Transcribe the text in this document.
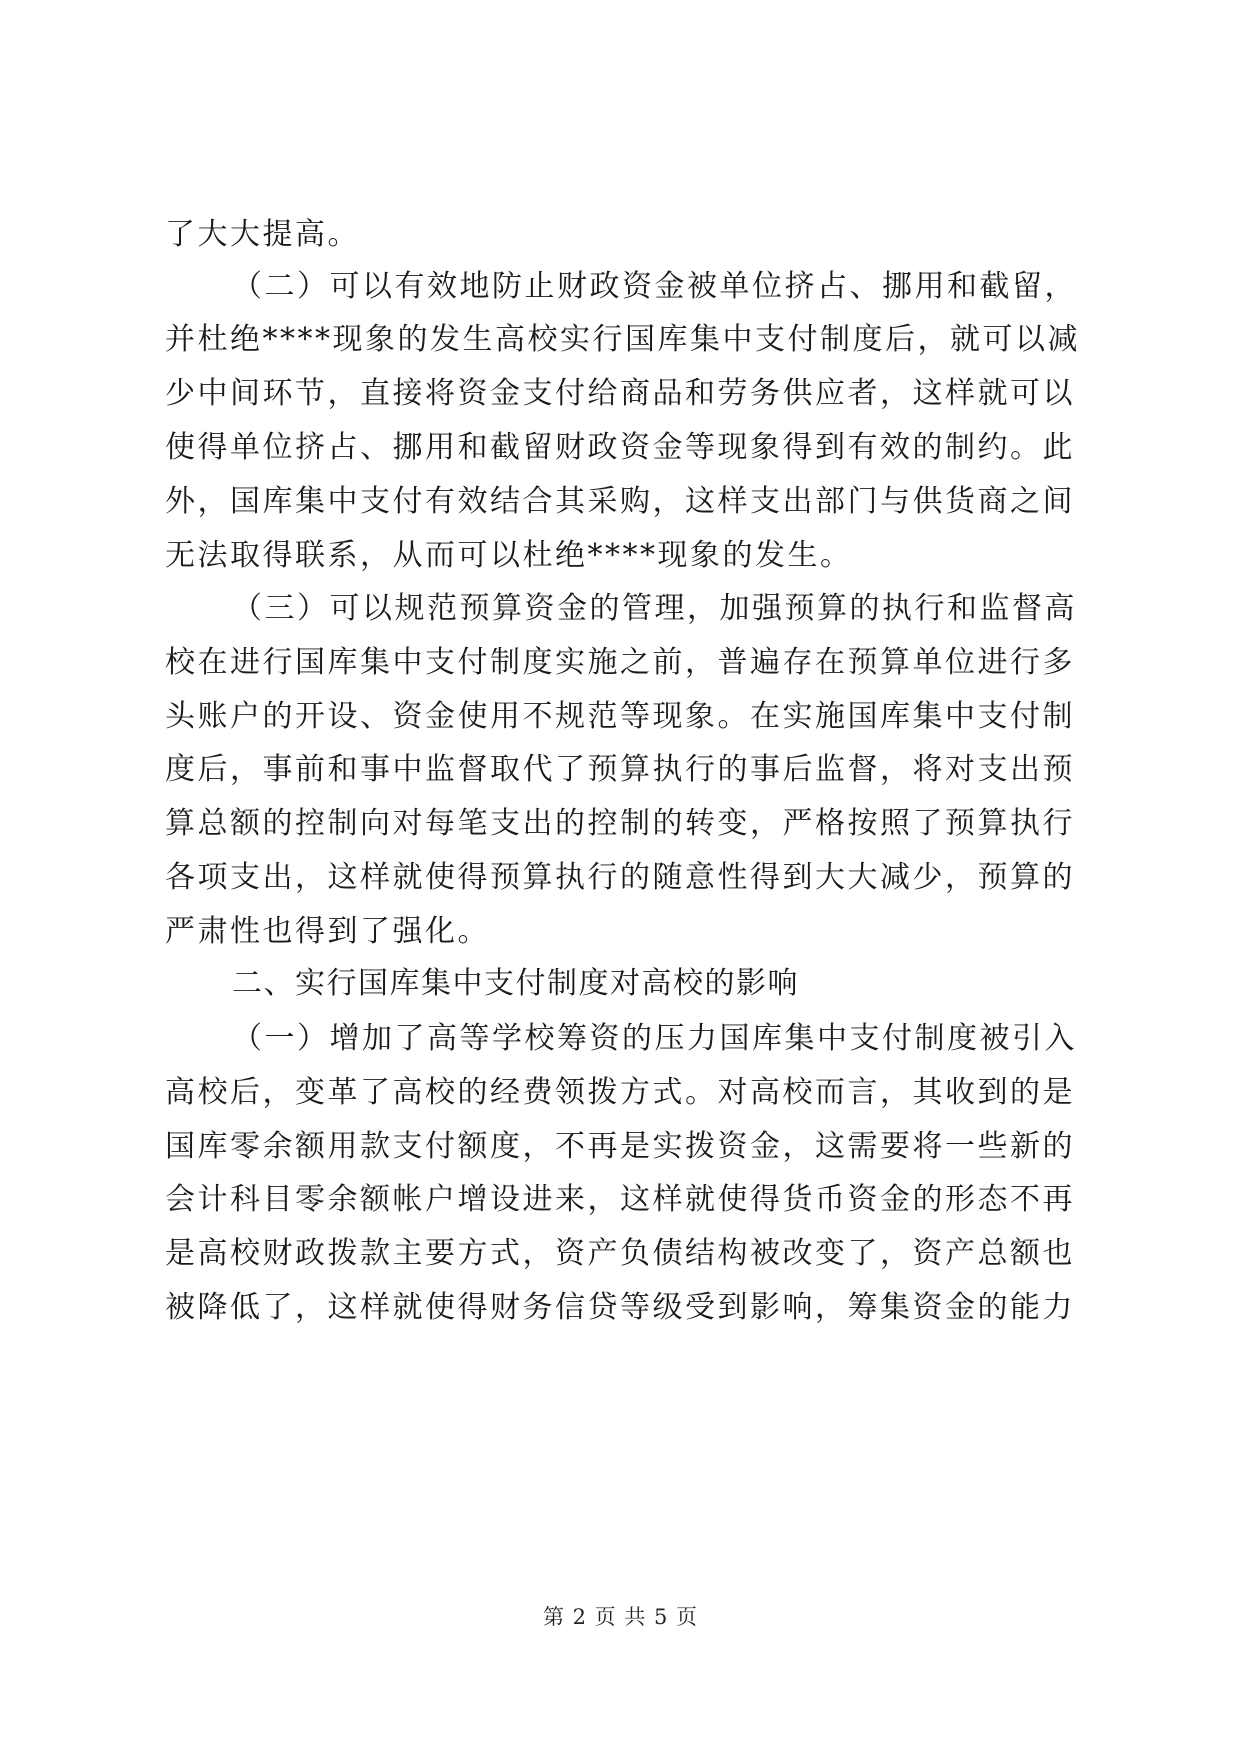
了大大提高。
（二）可以有效地防止财政资金被单位挤占、挪用和截留，
并杜绝****现象的发生高校实行国库集中支付制度后，就可以减
少中间环节，直接将资金支付给商品和劳务供应者，这样就可以
使得单位挤占、挪用和截留财政资金等现象得到有效的制约。此
外，国库集中支付有效结合其采购，这样支出部门与供货商之间
无法取得联系，从而可以杜绝****现象的发生。
（三）可以规范预算资金的管理，加强预算的执行和监督高
校在进行国库集中支付制度实施之前，普遍存在预算单位进行多
头账户的开设、资金使用不规范等现象。在实施国库集中支付制
度后，事前和事中监督取代了预算执行的事后监督，将对支出预
算总额的控制向对每笔支出的控制的转变，严格按照了预算执行
各项支出，这样就使得预算执行的随意性得到大大减少，预算的
严肃性也得到了强化。
二、实行国库集中支付制度对高校的影响
（一）增加了高等学校筹资的压力国库集中支付制度被引入
高校后，变革了高校的经费领拨方式。对高校而言，其收到的是
国库零余额用款支付额度，不再是实拨资金，这需要将一些新的
会计科目零余额帐户增设进来，这样就使得货币资金的形态不再
是高校财政拨款主要方式，资产负债结构被改变了，资产总额也
被降低了，这样就使得财务信贷等级受到影响，筹集资金的能力
第 2 页 共 5 页
